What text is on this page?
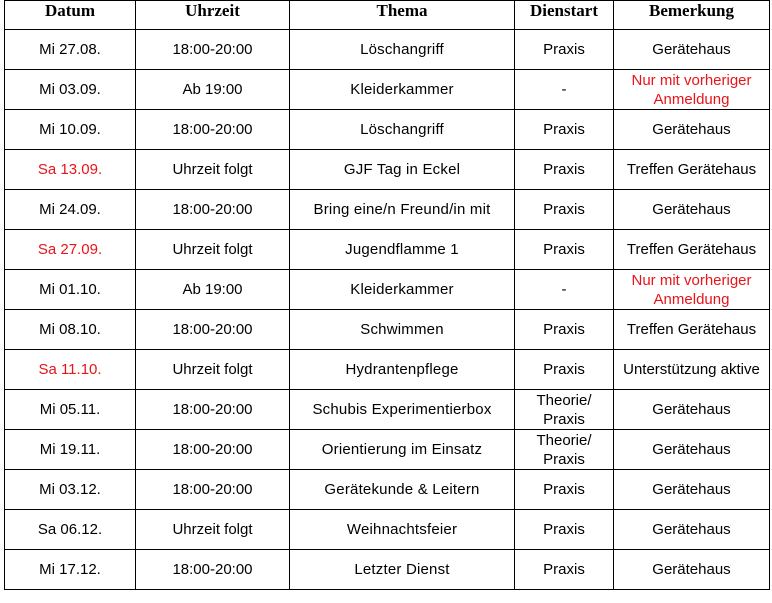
Datum	Uhrzeit	Thema	Dienstart	Bemerkung
Mi 27.08.	18:00-20:00	Löschangriff	Praxis	Gerätehaus
Mi 03.09.	Ab 19:00	Kleiderkammer	-	Nur mit vorheriger Anmeldung
Mi 10.09.	18:00-20:00	Löschangriff	Praxis	Gerätehaus
Sa 13.09.	Uhrzeit folgt	GJF Tag in Eckel	Praxis	Treffen Gerätehaus
Mi 24.09.	18:00-20:00	Bring eine/n Freund/in mit	Praxis	Gerätehaus
Sa 27.09.	Uhrzeit folgt	Jugendflamme 1	Praxis	Treffen Gerätehaus
Mi 01.10.	Ab 19:00	Kleiderkammer	-	Nur mit vorheriger Anmeldung
Mi 08.10.	18:00-20:00	Schwimmen	Praxis	Treffen Gerätehaus
Sa 11.10.	Uhrzeit folgt	Hydrantenpflege	Praxis	Unterstützung aktive
Mi 05.11.	18:00-20:00	Schubis Experimentierbox	Theorie/ Praxis	Gerätehaus
Mi 19.11.	18:00-20:00	Orientierung im Einsatz	Theorie/ Praxis	Gerätehaus
Mi 03.12.	18:00-20:00	Gerätekunde & Leitern	Praxis	Gerätehaus
Sa 06.12.	Uhrzeit folgt	Weihnachtsfeier	Praxis	Gerätehaus
Mi 17.12.	18:00-20:00	Letzter Dienst	Praxis	Gerätehaus
